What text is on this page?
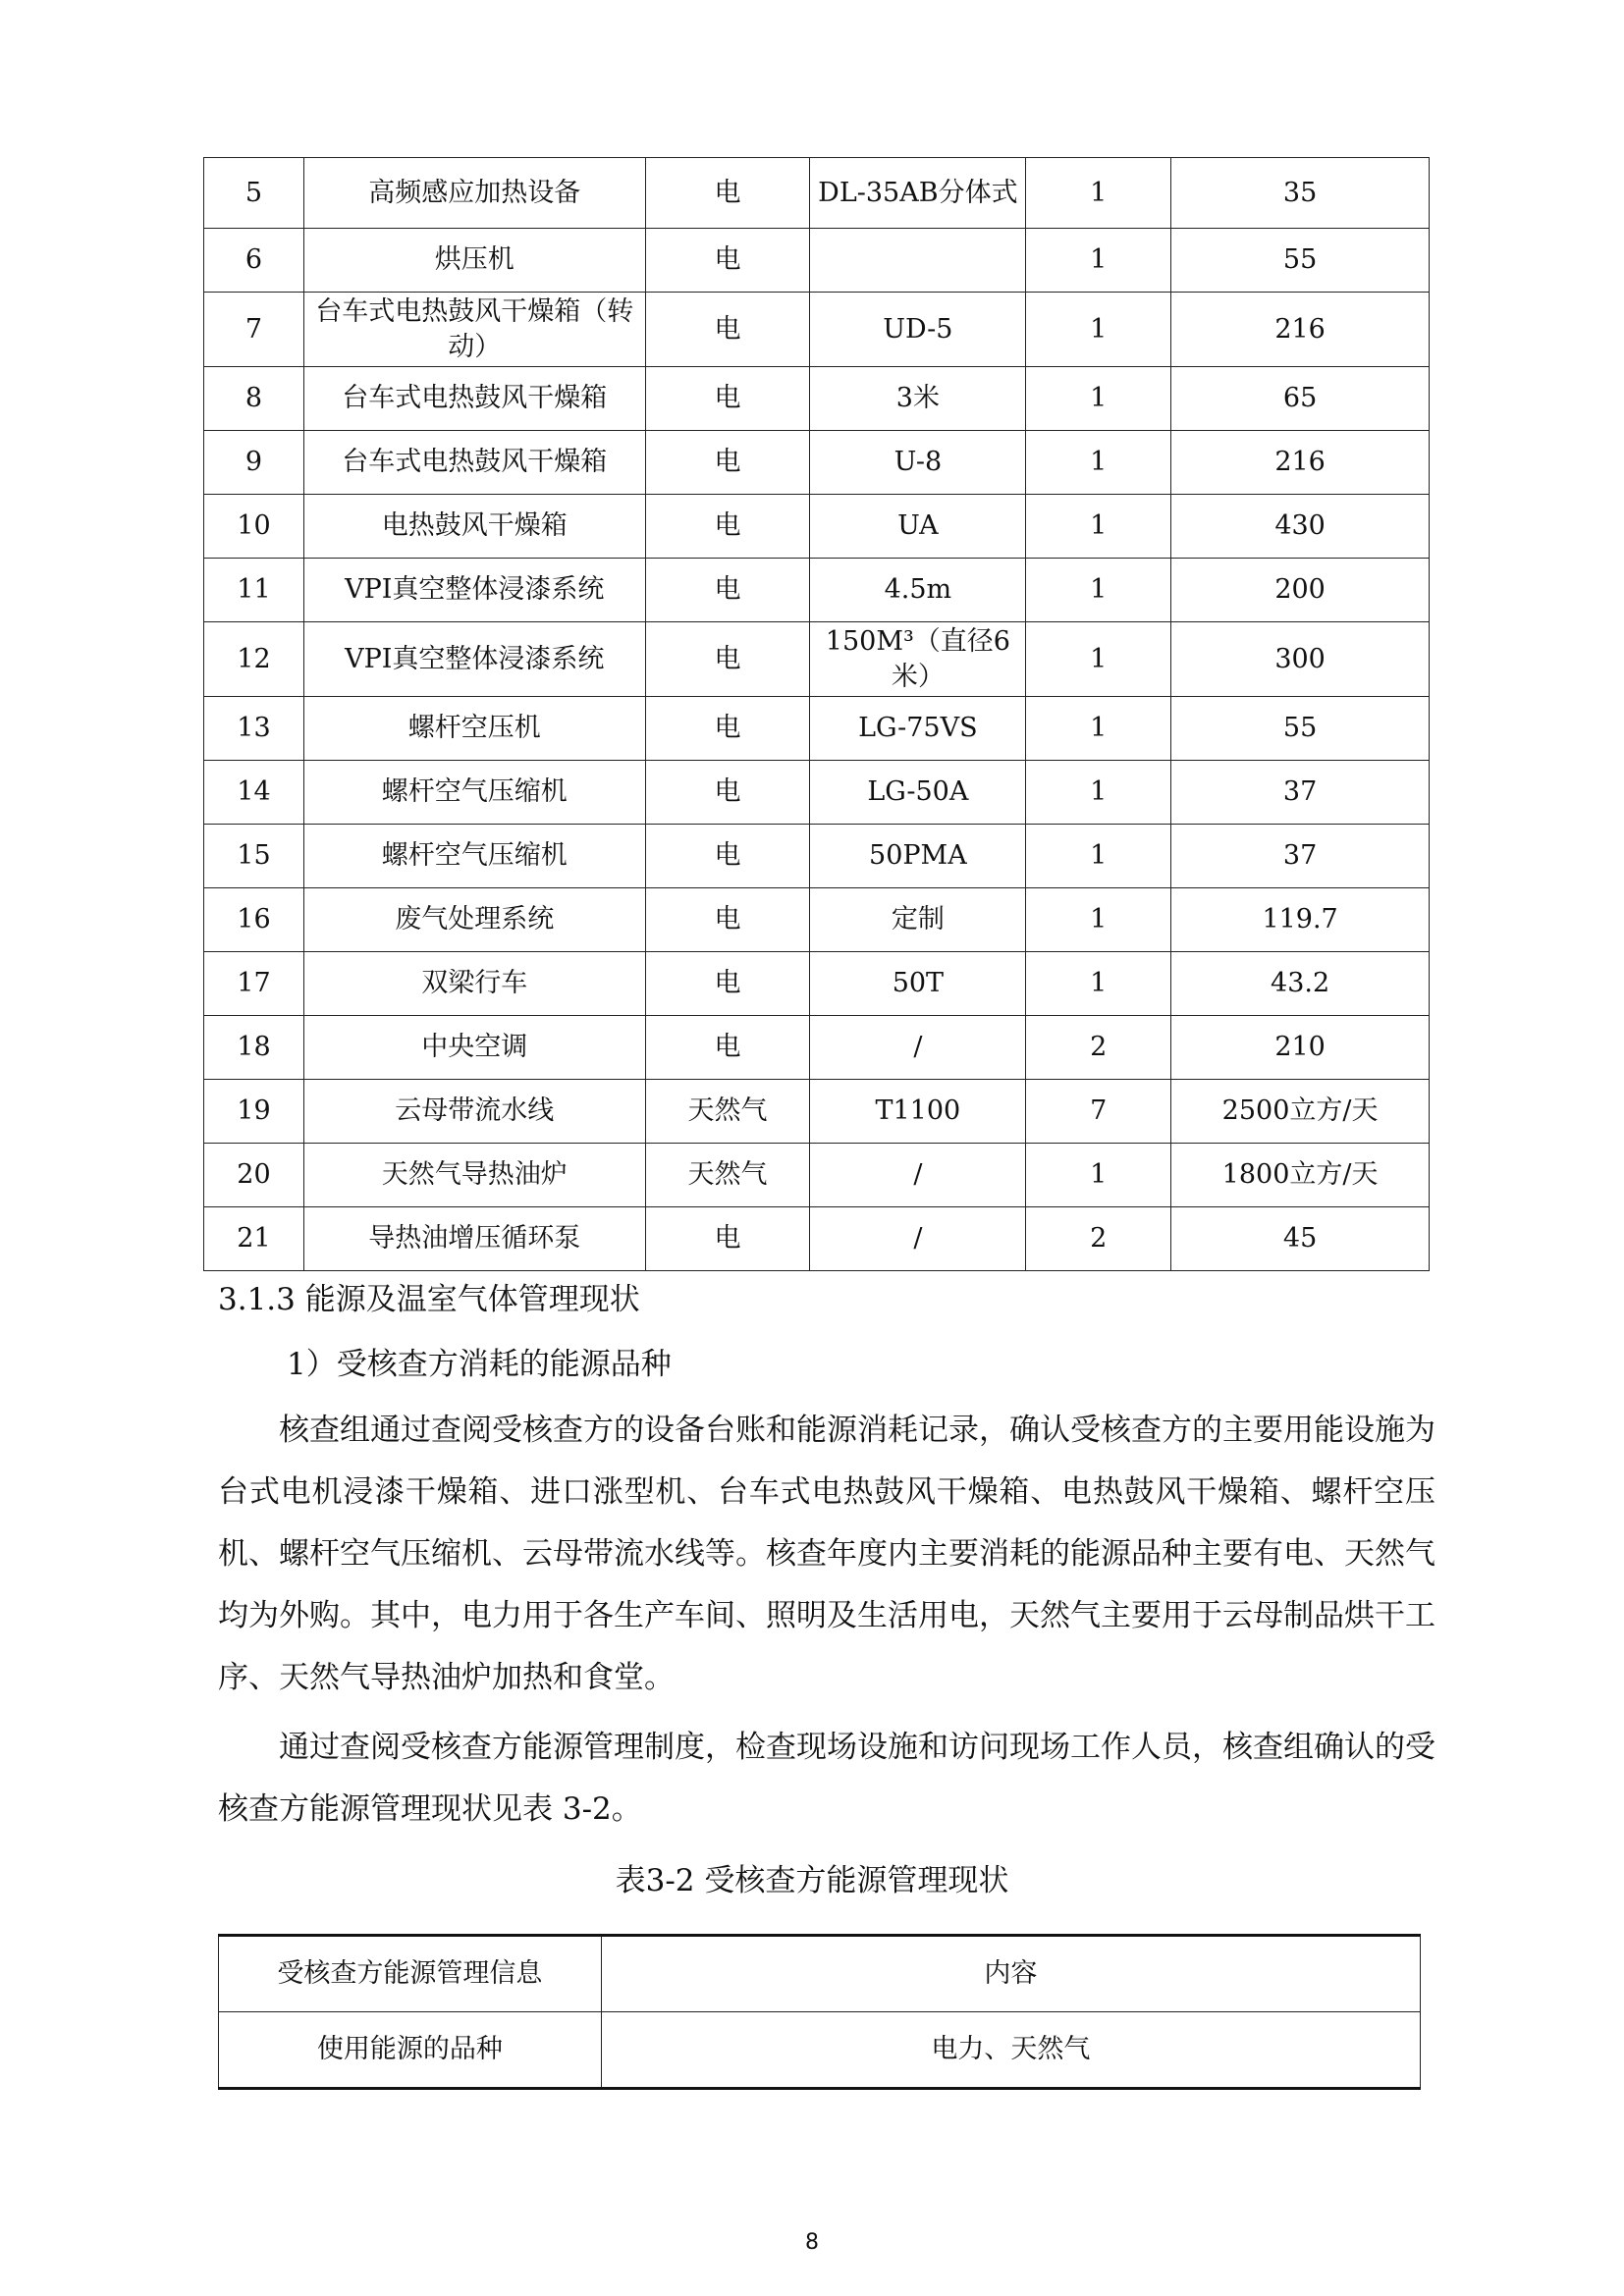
5	高频感应加热设备	电	DL-35AB分体式	1	35
6	烘压机	电		1	55
7	台车式电热鼓风干燥箱（转动）	电	UD-5	1	216
8	台车式电热鼓风干燥箱	电	3米	1	65
9	台车式电热鼓风干燥箱	电	U-8	1	216
10	电热鼓风干燥箱	电	UA	1	430
11	VPI真空整体浸漆系统	电	4.5m	1	200
12	VPI真空整体浸漆系统	电	150M³（直径6米）	1	300
13	螺杆空压机	电	LG-75VS	1	55
14	螺杆空气压缩机	电	LG-50A	1	37
15	螺杆空气压缩机	电	50PMA	1	37
16	废气处理系统	电	定制	1	119.7
17	双梁行车	电	50T	1	43.2
18	中央空调	电	/	2	210
19	云母带流水线	天然气	T1100	7	2500立方/天
20	天然气导热油炉	天然气	/	1	1800立方/天
21	导热油增压循环泵	电	/	2	45
3.1.3 能源及温室气体管理现状
1）受核查方消耗的能源品种

核查组通过查阅受核查方的设备台账和能源消耗记录，确认受核查方的主要用能设施为台式电机浸漆干燥箱、进口涨型机、台车式电热鼓风干燥箱、电热鼓风干燥箱、螺杆空压机、螺杆空气压缩机、云母带流水线等。核查年度内主要消耗的能源品种主要有电、天然气均为外购。其中，电力用于各生产车间、照明及生活用电，天然气主要用于云母制品烘干工序、天然气导热油炉加热和食堂。

通过查阅受核查方能源管理制度，检查现场设施和访问现场工作人员，核查组确认的受核查方能源管理现状见表 3-2。

表3-2 受核查方能源管理现状
受核查方能源管理信息	内容
使用能源的品种	电力、天然气
8
